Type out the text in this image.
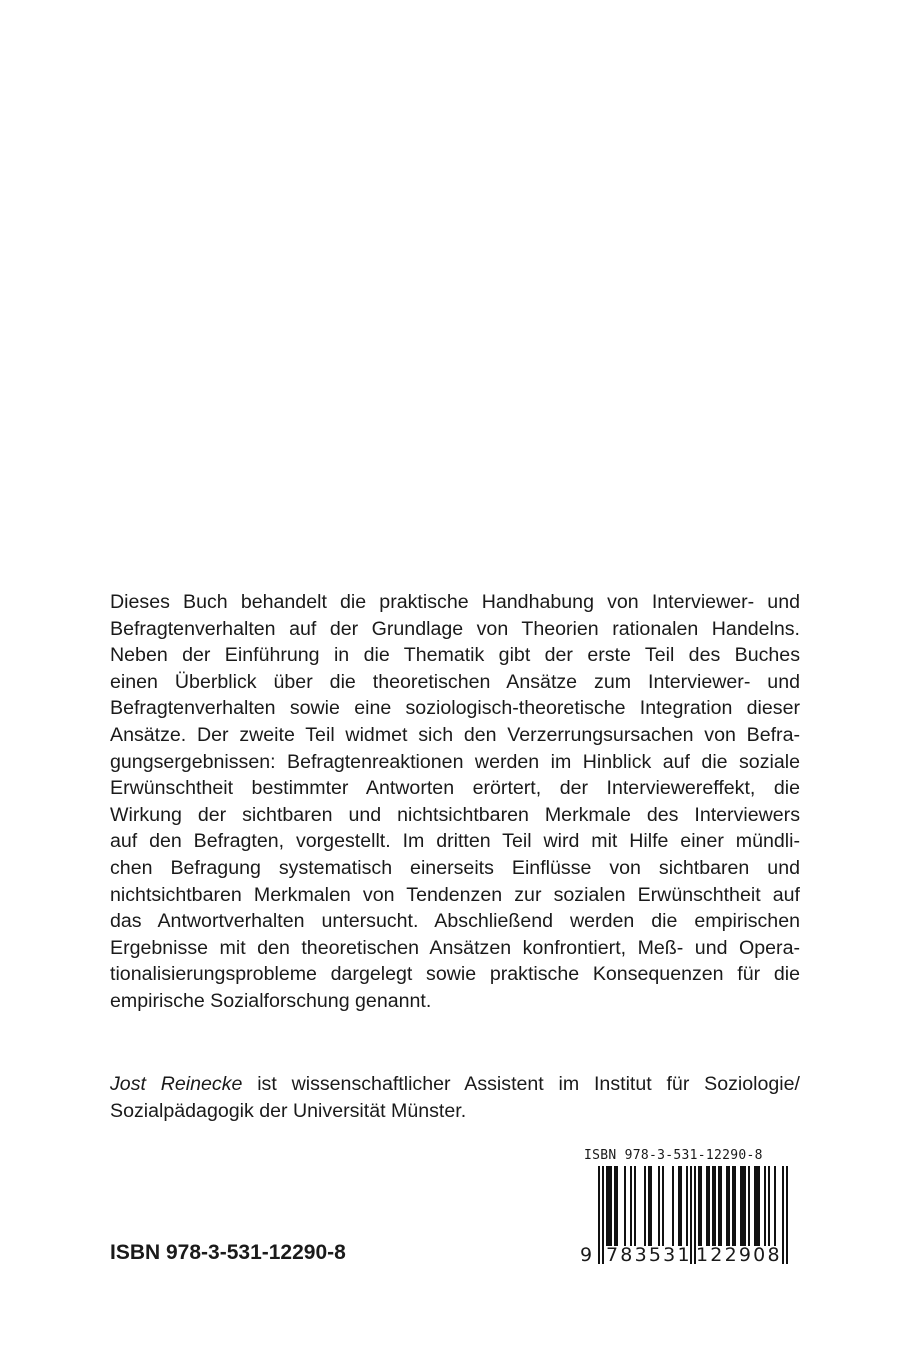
Dieses Buch behandelt die praktische Handhabung von Interviewer- und
Befragtenverhalten auf der Grundlage von Theorien rationalen Handelns.
Neben der Einführung in die Thematik gibt der erste Teil des Buches
einen Überblick über die theoretischen Ansätze zum Interviewer- und
Befragtenverhalten sowie eine soziologisch-theoretische Integration dieser
Ansätze. Der zweite Teil widmet sich den Verzerrungsursachen von Befra-
gungsergebnissen: Befragtenreaktionen werden im Hinblick auf die soziale
Erwünschtheit bestimmter Antworten erörtert, der Interviewereffekt, die
Wirkung der sichtbaren und nichtsichtbaren Merkmale des Interviewers
auf den Befragten, vorgestellt. Im dritten Teil wird mit Hilfe einer mündli-
chen Befragung systematisch einerseits Einflüsse von sichtbaren und
nichtsichtbaren Merkmalen von Tendenzen zur sozialen Erwünschtheit auf
das Antwortverhalten untersucht. Abschließend werden die empirischen
Ergebnisse mit den theoretischen Ansätzen konfrontiert, Meß- und Opera-
tionalisierungsprobleme dargelegt sowie praktische Konsequenzen für die
empirische Sozialforschung genannt.
Jost Reinecke ist wissenschaftlicher Assistent im Institut für Soziologie/
Sozialpädagogik der Universität Münster.
ISBN 978-3-531-12290-8
ISBN 978-3-531-12290-8
9 783531 122908
